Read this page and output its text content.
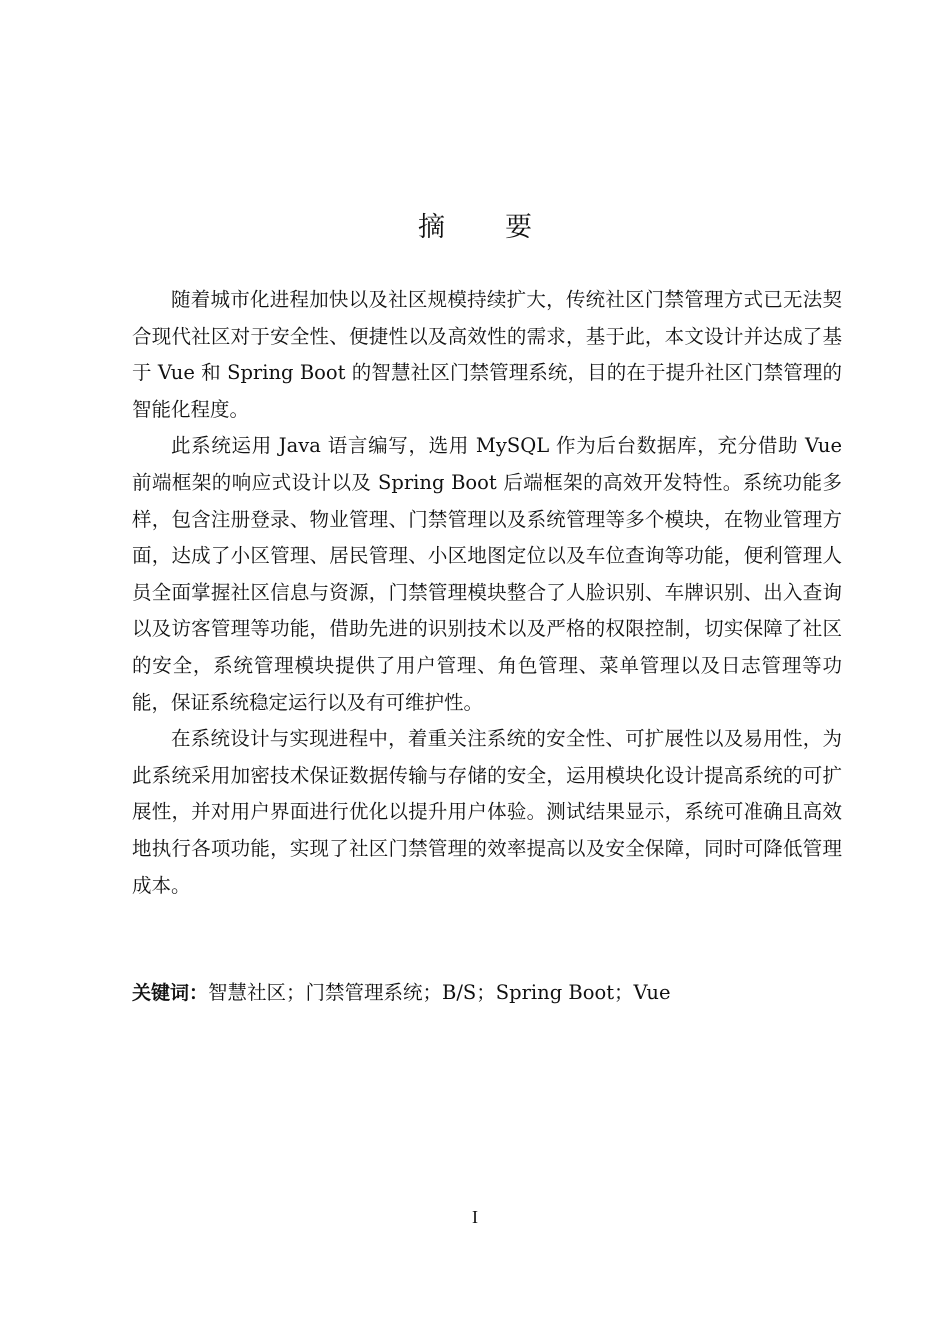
摘 要

随着城市化进程加快以及社区规模持续扩大，传统社区门禁管理方式已无法契合现代社区对于安全性、便捷性以及高效性的需求，基于此，本文设计并达成了基于 Vue 和 Spring Boot 的智慧社区门禁管理系统，目的在于提升社区门禁管理的智能化程度。

此系统运用 Java 语言编写，选用 MySQL 作为后台数据库，充分借助 Vue 前端框架的响应式设计以及 Spring Boot 后端框架的高效开发特性。系统功能多样，包含注册登录、物业管理、门禁管理以及系统管理等多个模块，在物业管理方面，达成了小区管理、居民管理、小区地图定位以及车位查询等功能，便利管理人员全面掌握社区信息与资源，门禁管理模块整合了人脸识别、车牌识别、出入查询以及访客管理等功能，借助先进的识别技术以及严格的权限控制，切实保障了社区的安全，系统管理模块提供了用户管理、角色管理、菜单管理以及日志管理等功能，保证系统稳定运行以及有可维护性。

在系统设计与实现进程中，着重关注系统的安全性、可扩展性以及易用性，为此系统采用加密技术保证数据传输与存储的安全，运用模块化设计提高系统的可扩展性，并对用户界面进行优化以提升用户体验。测试结果显示，系统可准确且高效地执行各项功能，实现了社区门禁管理的效率提高以及安全保障，同时可降低管理成本。

关键词：智慧社区；门禁管理系统；B/S；Spring Boot；Vue
I
